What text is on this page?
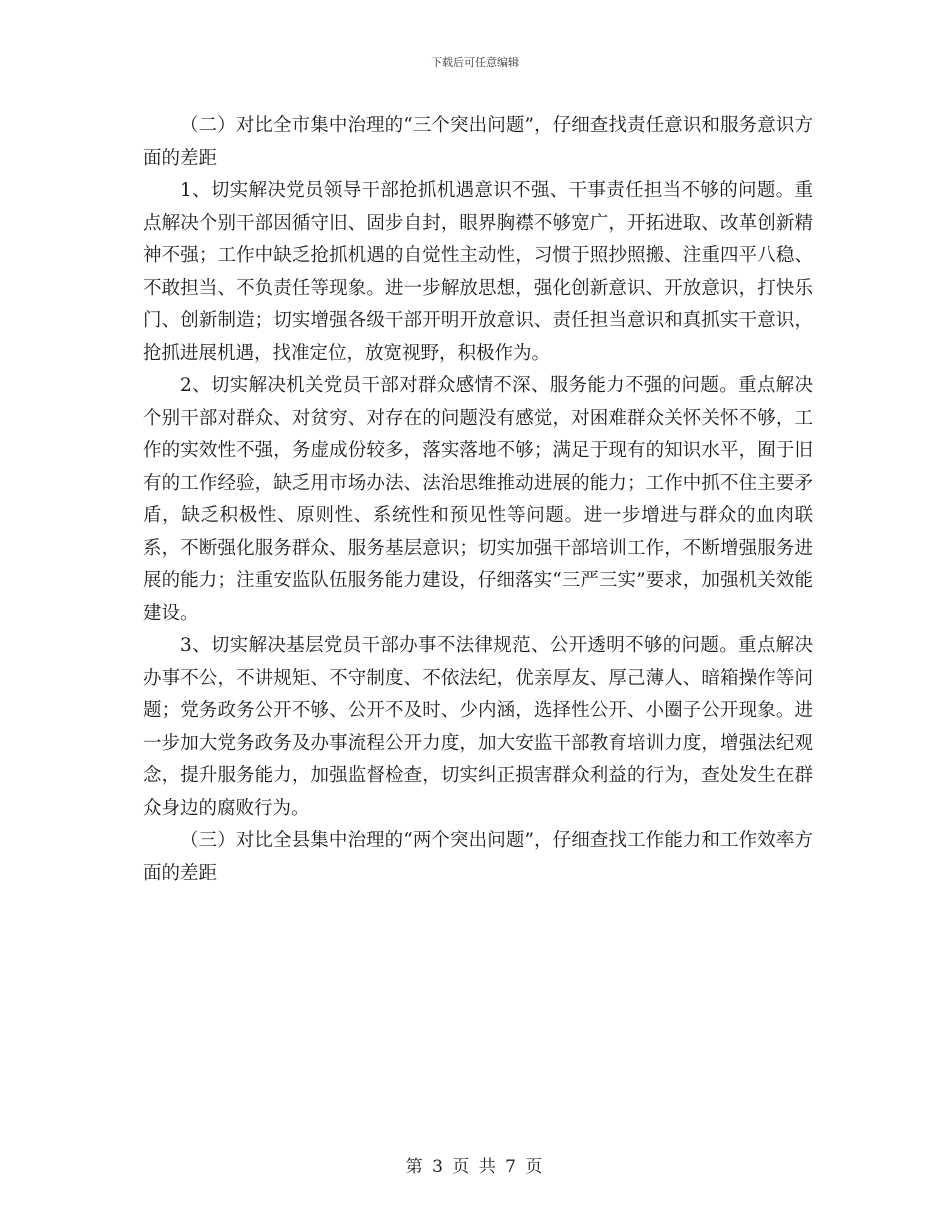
下载后可任意编辑

（二）对比全市集中治理的“三个突出问题”，仔细查找责任意识和服务意识方面的差距

1、切实解决党员领导干部抢抓机遇意识不强、干事责任担当不够的问题。重点解决个别干部因循守旧、固步自封，眼界胸襟不够宽广，开拓进取、改革创新精神不强；工作中缺乏抢抓机遇的自觉性主动性，习惯于照抄照搬、注重四平八稳、不敢担当、不负责任等现象。进一步解放思想，强化创新意识、开放意识，打快乐门、创新制造；切实增强各级干部开明开放意识、责任担当意识和真抓实干意识，抢抓进展机遇，找准定位，放宽视野，积极作为。

2、切实解决机关党员干部对群众感情不深、服务能力不强的问题。重点解决个别干部对群众、对贫穷、对存在的问题没有感觉，对困难群众关怀关怀不够，工作的实效性不强，务虚成份较多，落实落地不够；满足于现有的知识水平，囿于旧有的工作经验，缺乏用市场办法、法治思维推动进展的能力；工作中抓不住主要矛盾，缺乏积极性、原则性、系统性和预见性等问题。进一步增进与群众的血肉联系，不断强化服务群众、服务基层意识；切实加强干部培训工作，不断增强服务进展的能力；注重安监队伍服务能力建设，仔细落实“三严三实”要求，加强机关效能建设。

3、切实解决基层党员干部办事不法律规范、公开透明不够的问题。重点解决办事不公，不讲规矩、不守制度、不依法纪，优亲厚友、厚己薄人、暗箱操作等问题；党务政务公开不够、公开不及时、少内涵，选择性公开、小圈子公开现象。进一步加大党务政务及办事流程公开力度，加大安监干部教育培训力度，增强法纪观念，提升服务能力，加强监督检查，切实纠正损害群众利益的行为，查处发生在群众身边的腐败行为。

（三）对比全县集中治理的“两个突出问题”，仔细查找工作能力和工作效率方面的差距

第 3 页 共 7 页
